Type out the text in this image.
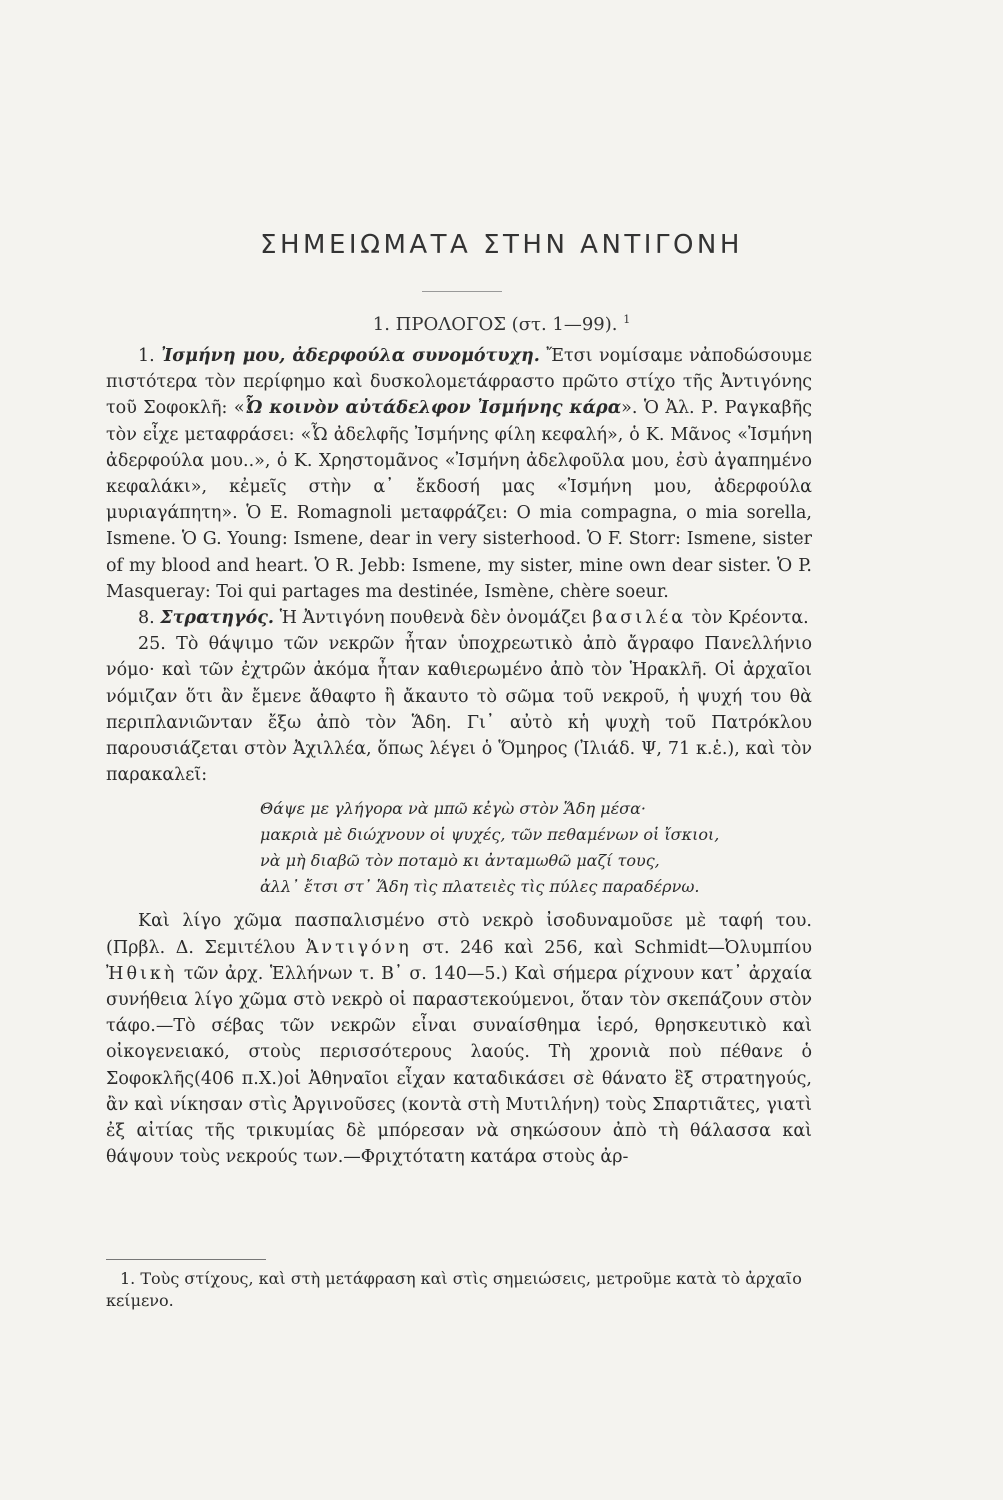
ΣΗΜΕΙΩΜΑΤΑ ΣΤΗΝ ΑΝΤΙΓΟΝΗ
1. ΠΡΟΛΟΓΟΣ (στ. 1—99). $^1$

1. Ἰσμήνη μου, ἀδερφούλα συνομότυχη. Ἔτσι νομίσαμε νἀποδώσουμε πιστότερα τὸν περίφημο καὶ δυσκολομετάφραστο πρῶτο στίχο τῆς Ἀντιγόνης τοῦ Σοφοκλῆ: «Ὦ κοινὸν αὐτάδελφον Ἰσμήνης κάρα». Ὁ Ἀλ. Ρ. Ραγκαβῆς τὸν εἶχε μεταφράσει: «Ὦ ἀδελφῆς Ἰσμήνης φίλη κεφαλή», ὁ Κ. Μᾶνος «Ἰσμήνη ἀδερφούλα μου..», ὁ Κ. Χρηστομᾶνος «Ἰσμήνη ἀδελφοῦλα μου, ἐσὺ ἀγαπημένο κεφαλάκι», κἐμεῖς στὴν α᾽ ἔκδοσή μας «Ἰσμήνη μου, ἀδερφούλα μυριαγάπητη». Ὁ E. Romagnoli μεταφράζει: O mia compagna, o mia sorella, Ismene. Ὁ G. Young: Ismene, dear in very sisterhood. Ὁ F. Storr: Ismene, sister of my blood and heart. Ὁ R. Jebb: Ismene, my sister, mine own dear sister. Ὁ P. Masqueray: Toi qui partages ma destinée, Ismène, chère soeur.

8. Στρατηγός. Ἡ Ἀντιγόνη πουθενὰ δὲν ὀνομάζει βασιλέα τὸν Κρέοντα.

25. Τὸ θάψιμο τῶν νεκρῶν ἦταν ὑποχρεωτικὸ ἀπὸ ἄγραφο Πανελλήνιο νόμο· καὶ τῶν ἐχτρῶν ἀκόμα ἦταν καθιερωμένο ἀπὸ τὸν Ἡρακλῆ. Οἱ ἀρχαῖοι νόμιζαν ὅτι ἂν ἔμενε ἄθαφτο ἢ ἄκαυτο τὸ σῶμα τοῦ νεκροῦ, ἡ ψυχή του θὰ περιπλανιῶνταν ἔξω ἀπὸ τὸν Ἅδη. Γι᾽ αὐτὸ κἡ ψυχὴ τοῦ Πατρόκλου παρουσιάζεται στὸν Ἀχιλλέα, ὅπως λέγει ὁ Ὅμηρος (Ἰλιάδ. Ψ, 71 κ.ἑ.), καὶ τὸν παρακαλεῖ:

Θάψε με γλήγορα νὰ μπῶ κἐγὼ στὸν Ἅδη μέσα·
μακριὰ μὲ διώχνουν οἱ ψυχές, τῶν πεθαμένων οἱ ἴσκιοι,
νὰ μὴ διαβῶ τὸν ποταμὸ κι ἀνταμωθῶ μαζί τους,
ἀλλ᾽ ἔτσι στ᾽ Ἅδη τὶς πλατειὲς τὶς πύλες παραδέρνω.

Καὶ λίγο χῶμα πασπαλισμένο στὸ νεκρὸ ἰσοδυναμοῦσε μὲ ταφή του. (Πρβλ. Δ. Σεμιτέλου Ἀντιγόνη στ. 246 καὶ 256, καὶ Schmidt—Ὀλυμπίου Ἠθικὴ τῶν ἀρχ. Ἑλλήνων τ. Β᾽ σ. 140—5.) Καὶ σήμερα ρίχνουν κατ᾽ ἀρχαία συνήθεια λίγο χῶμα στὸ νεκρὸ οἱ παραστεκούμενοι, ὅταν τὸν σκεπάζουν στὸν τάφο.—Τὸ σέβας τῶν νεκρῶν εἶναι συναίσθημα ἱερό, θρησκευτικὸ καὶ οἰκογενειακό, στοὺς περισσότερους λαούς. Τὴ χρονιὰ ποὺ πέθανε ὁ Σοφοκλῆς(406 π.Χ.)οἱ Ἀθηναῖοι εἶχαν καταδικάσει σὲ θάνατο ἓξ στρατηγούς, ἂν καὶ νίκησαν στὶς Ἀργινοῦσες (κοντὰ στὴ Μυτιλήνη) τοὺς Σπαρτιᾶτες, γιατὶ ἐξ αἰτίας τῆς τρικυμίας δὲ μπόρεσαν νὰ σηκώσουν ἀπὸ τὴ θάλασσα καὶ θάψουν τοὺς νεκρούς των.—Φριχτότατη κατάρα στοὺς ἀρ-

1. Τοὺς στίχους, καὶ στὴ μετάφραση καὶ στὶς σημειώσεις, μετροῦμε κατὰ τὸ ἀρχαῖο κείμενο.
